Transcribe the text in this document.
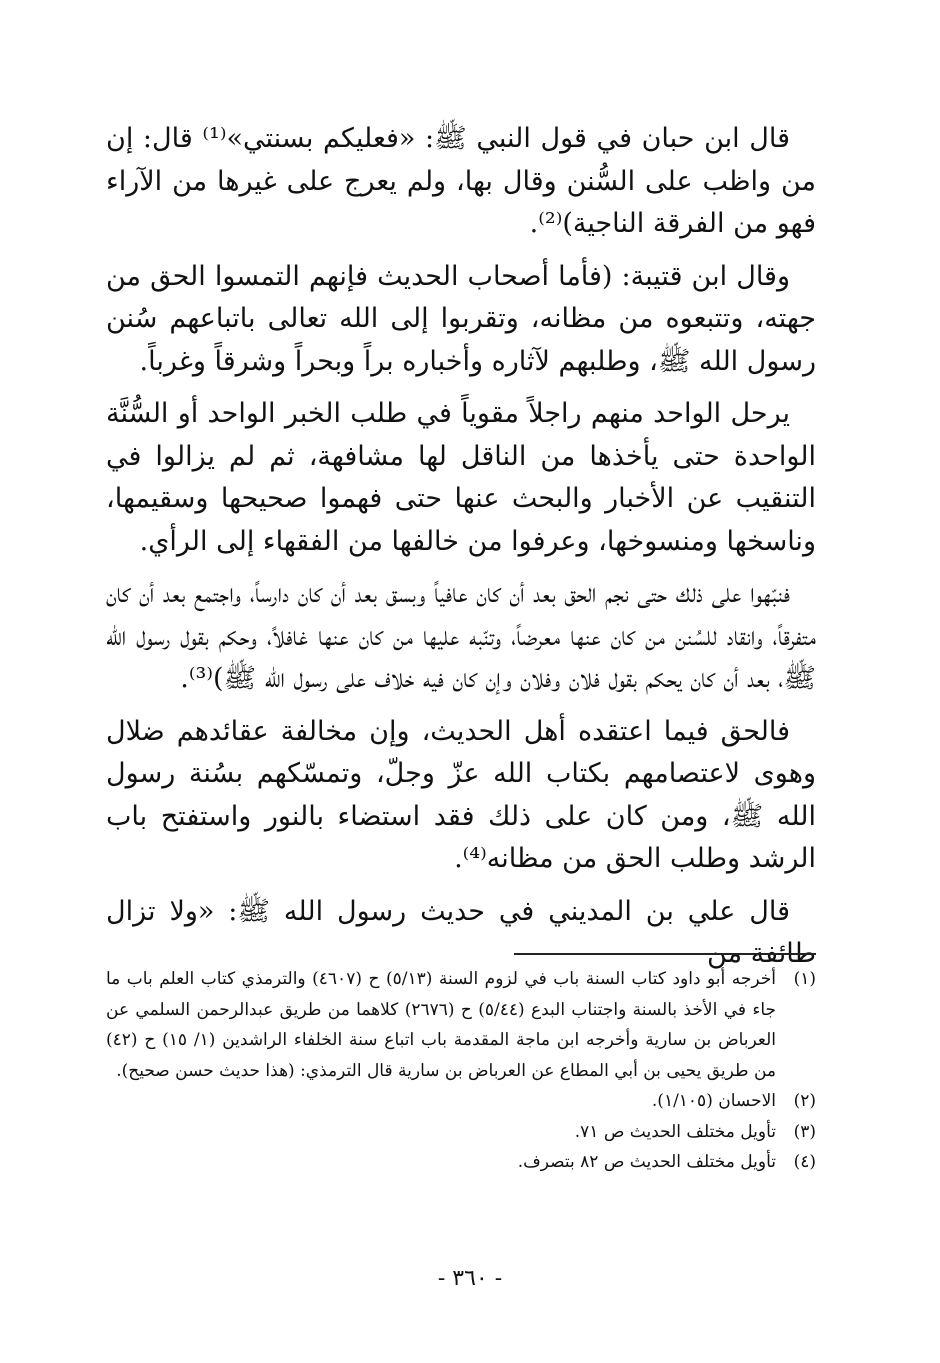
قال ابن حبان في قول النبي ﷺ: «فعليكم بسنتي»⁽¹⁾ قال: إن من واظب على السُّنن وقال بها، ولم يعرج على غيرها من الآراء فهو من الفرقة الناجية)⁽²⁾.

وقال ابن قتيبة: (فأما أصحاب الحديث فإنهم التمسوا الحق من جهته، وتتبعوه من مظانه، وتقربوا إلى الله تعالى باتباعهم سُنن رسول الله ﷺ، وطلبهم لآثاره وأخباره براً وبحراً وشرقاً وغرباً.

يرحل الواحد منهم راجلاً مقوياً في طلب الخبر الواحد أو السُّنَّة الواحدة حتى يأخذها من الناقل لها مشافهة، ثم لم يزالوا في التنقيب عن الأخبار والبحث عنها حتى فهموا صحيحها وسقيمها، وناسخها ومنسوخها، وعرفوا من خالفها من الفقهاء إلى الرأي.

فنبّهوا على ذلك حتى نجم الحق بعد أن كان عافياً وبسق بعد أن كان دارساً، واجتمع بعد أن كان متفرقاً، وانقاد للسُنن من كان عنها معرضاً، وتنّبه عليها من كان عنها غافلاً، وحكم بقول رسول الله ﷺ، بعد أن كان يحكم بقول فلان وفلان وإن كان فيه خلاف على رسول الله ﷺ)⁽³⁾.

فالحق فيما اعتقده أهل الحديث، وإن مخالفة عقائدهم ضلال وهوى لاعتصامهم بكتاب الله عزّ وجلّ، وتمسّكهم بسُنة رسول الله ﷺ، ومن كان على ذلك فقد استضاء بالنور واستفتح باب الرشد وطلب الحق من مظانه⁽⁴⁾.

قال علي بن المديني في حديث رسول الله ﷺ: «ولا تزال طائفة من

(١)
أخرجه أبو داود كتاب السنة باب في لزوم السنة (٥/١٣) ح (٤٦٠٧) والترمذي كتاب العلم باب ما جاء في الأخذ بالسنة واجتناب البدع (٥/٤٤) ح (٢٦٧٦) كلاهما من طريق عبدالرحمن السلمي عن العرباض بن سارية وأخرجه ابن ماجة المقدمة باب اتباع سنة الخلفاء الراشدين (١/ ١٥) ح (٤٢) من طريق يحيى بن أبي المطاع عن العرباض بن سارية قال الترمذي: (هذا حديث حسن صحيح).
(٢)
الاحسان (١/١٠٥).
(٣)
تأويل مختلف الحديث ص ٧١.
(٤)
تأويل مختلف الحديث ص ٨٢ بتصرف.
- ٣٦٠ -
